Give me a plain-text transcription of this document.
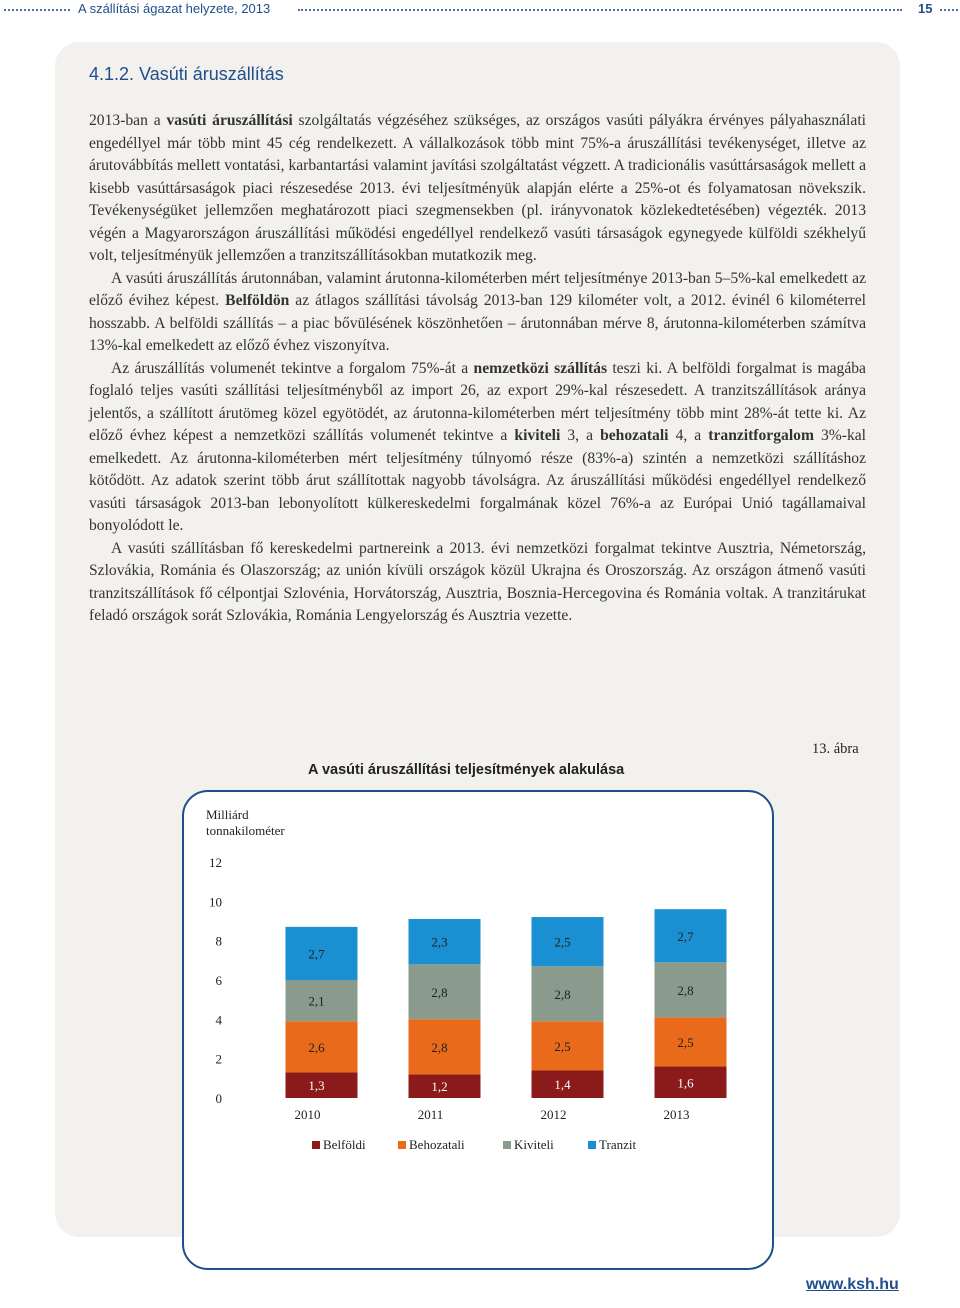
A szállítási ágazat helyzete, 2013	15
4.1.2. Vasúti áruszállítás

2013-ban a vasúti áruszállítási szolgáltatás végzéséhez szükséges, az országos vasúti pályákra érvényes pályahasználati engedéllyel már több mint 45 cég rendelkezett. A vállalkozások több mint 75%-a áruszállítási tevékenységet, illetve az árutovábbítás mellett vontatási, karbantartási valamint javítási szolgáltatást végzett. A tradicionális vasúttársaságok mellett a kisebb vasúttársaságok piaci részesedése 2013. évi teljesítményük alapján elérte a 25%-ot és folyamatosan növekszik. Tevékenységüket jellemzően meghatározott piaci szegmensekben (pl. irányvonatok közlekedtetésében) végezték. 2013 végén a Magyarországon áruszállítási működési engedéllyel rendelkező vasúti társaságok egynegyede külföldi székhelyű volt, teljesítményük jellemzően a tranzitszállításokban mutatkozik meg.

A vasúti áruszállítás árutonnában, valamint árutonna-kilométerben mért teljesítménye 2013-ban 5–5%-kal emelkedett az előző évihez képest. Belföldön az átlagos szállítási távolság 2013-ban 129 kilométer volt, a 2012. évinél 6 kilométerrel hosszabb. A belföldi szállítás – a piac bővülésének köszönhetően – árutonnában mérve 8, árutonna-kilométerben számítva 13%-kal emelkedett az előző évhez viszonyítva.

Az áruszállítás volumenét tekintve a forgalom 75%-át a nemzetközi szállítás teszi ki. A belföldi forgalmat is magába foglaló teljes vasúti szállítási teljesítményből az import 26, az export 29%-kal részesedett. A tranzitszállítások aránya jelentős, a szállított árutömeg közel egyötödét, az árutonna-kilométerben mért teljesítmény több mint 28%-át tette ki. Az előző évhez képest a nemzetközi szállítás volumenét tekintve a kiviteli 3, a behozatali 4, a tranzitforgalom 3%-kal emelkedett. Az árutonna-kilométerben mért teljesítmény túlnyomó része (83%-a) szintén a nemzetközi szállításhoz kötődött. Az adatok szerint több árut szállítottak nagyobb távolságra. Az áruszállítási működési engedéllyel rendelkező vasúti társaságok 2013-ban lebonyolított külkereskedelmi forgalmának közel 76%-a az Európai Unió tagállamaival bonyolódott le.

A vasúti szállításban fő kereskedelmi partnereink a 2013. évi nemzetközi forgalmat tekintve Ausztria, Németország, Szlovákia, Románia és Olaszország; az unión kívüli országok közül Ukrajna és Oroszország. Az országon átmenő vasúti tranzitszállítások fő célpontjai Szlovénia, Horvátország, Ausztria, Bosznia-Hercegovina és Románia voltak. A tranzitárukat feladó országok sorát Szlovákia, Románia Lengyelország és Ausztria vezette.

13. ábra
A vasúti áruszállítási teljesítmények alakulása
Milliárd
tonnakilométer
0
2
4
6
8
10
12
1,3
2,6
2,1
2,7
2010
1,2
2,8
2,8
2,3
2011
1,4
2,5
2,8
2,5
2012
1,6
2,5
2,8
2,7
2013
Belföldi	Behozatali	Kiviteli	Tranzit
www.ksh.hu
